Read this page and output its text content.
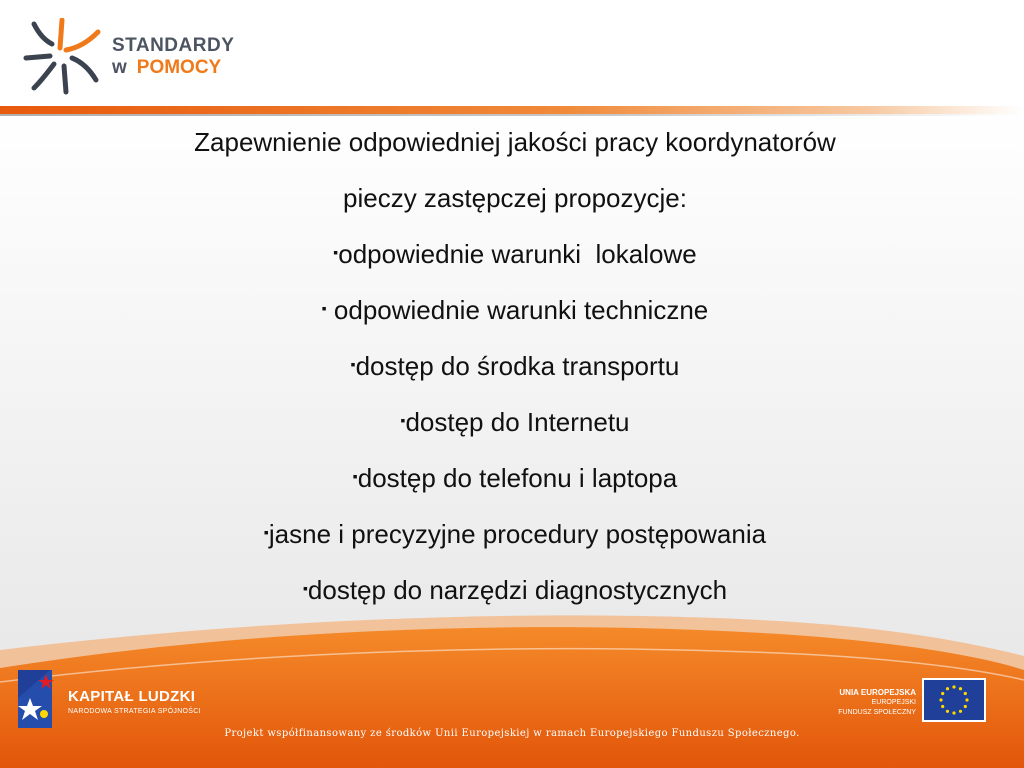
STANDARDY
w POMOCY
Zapewnienie odpowiedniej jakości pracy koordynatorów
pieczy zastępczej propozycje:
▪odpowiednie warunki  lokalowe
▪ odpowiednie warunki techniczne
▪dostęp do środka transportu
▪dostęp do Internetu
▪dostęp do telefonu i laptopa
▪jasne i precyzyjne procedury postępowania
▪dostęp do narzędzi diagnostycznych
KAPITAŁ LUDZKI
NARODOWA STRATEGIA SPÓJNOŚCI
UNIA EUROPEJSKA
EUROPEJSKI
FUNDUSZ SPOŁECZNY
Projekt współfinansowany ze środków Unii Europejskiej w ramach Europejskiego Funduszu Społecznego.
